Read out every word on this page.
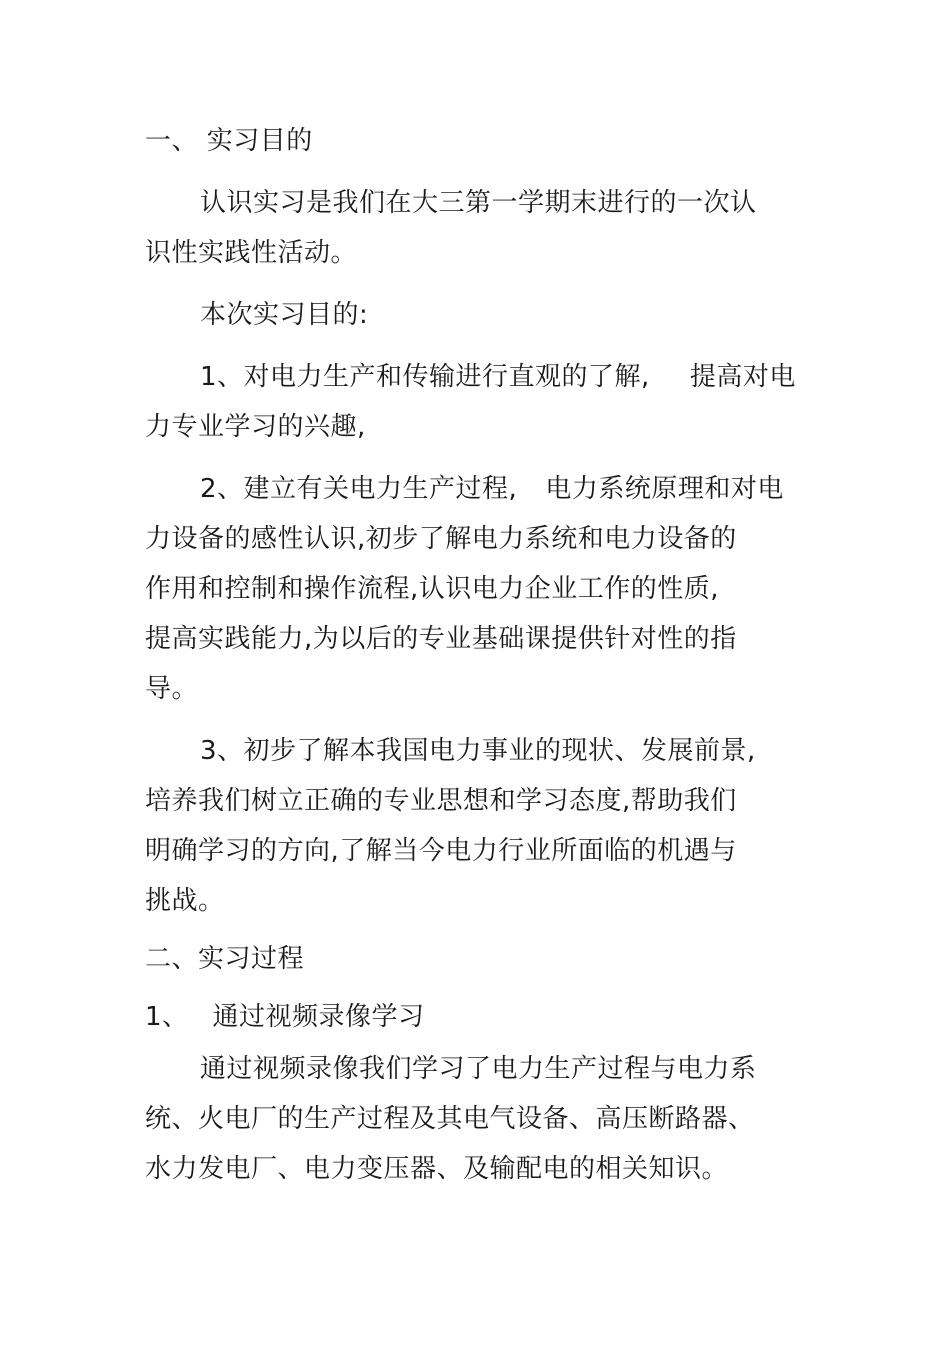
一、 实习目的
认识实习是我们在大三第一学期末进行的一次认
识性实践性活动。
本次实习目的:
1、对电力生产和传输进行直观的了解, 提高对电
力专业学习的兴趣,
2、建立有关电力生产过程, 电力系统原理和对电
力设备的感性认识,初步了解电力系统和电力设备的
作用和控制和操作流程,认识电力企业工作的性质,
提高实践能力,为以后的专业基础课提供针对性的指
导。
3、初步了解本我国电力事业的现状、发展前景,
培养我们树立正确的专业思想和学习态度,帮助我们
明确学习的方向,了解当今电力行业所面临的机遇与
挑战。
二、实习过程
1、 通过视频录像学习
通过视频录像我们学习了电力生产过程与电力系
统、火电厂的生产过程及其电气设备、高压断路器、
水力发电厂、电力变压器、及输配电的相关知识。
